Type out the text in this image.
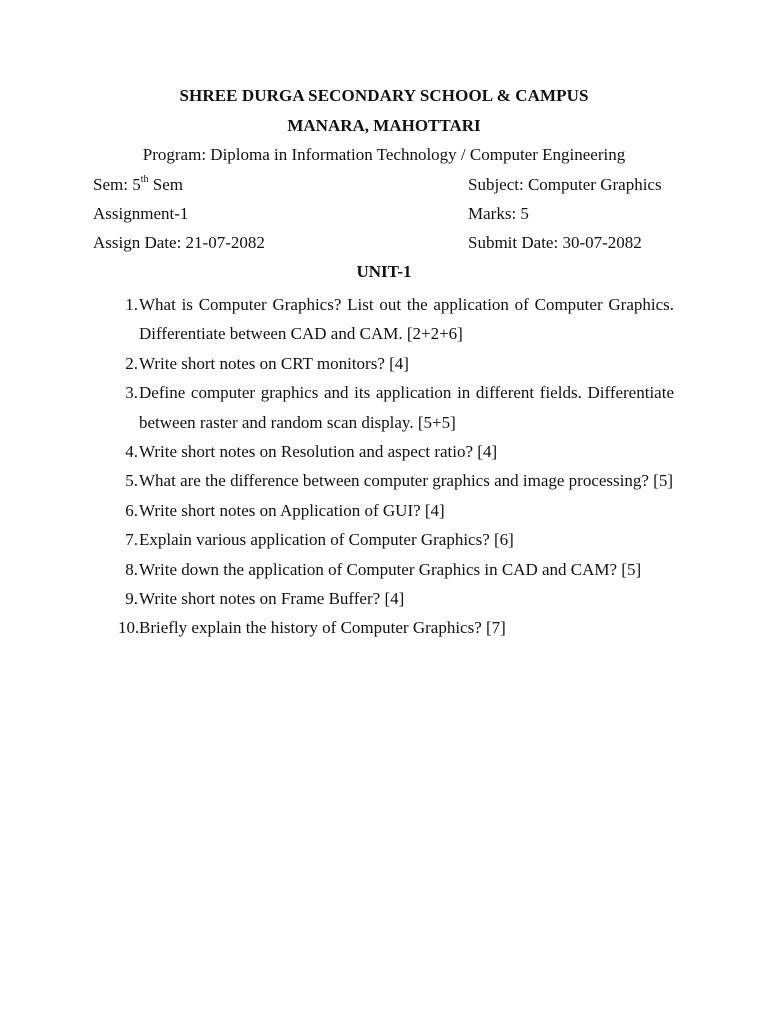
SHREE DURGA SECONDARY SCHOOL & CAMPUS
MANARA, MAHOTTARI
Program: Diploma in Information Technology / Computer Engineering
Sem: 5th Sem	Subject: Computer Graphics
Assignment-1	Marks: 5
Assign Date: 21-07-2082	Submit Date: 30-07-2082
UNIT-1
1. What is Computer Graphics? List out the application of Computer Graphics. Differentiate between CAD and CAM. [2+2+6]
2. Write short notes on CRT monitors? [4]
3. Define computer graphics and its application in different fields. Differentiate between raster and random scan display. [5+5]
4. Write short notes on Resolution and aspect ratio? [4]
5. What are the difference between computer graphics and image processing? [5]
6. Write short notes on Application of GUI? [4]
7. Explain various application of Computer Graphics? [6]
8. Write down the application of Computer Graphics in CAD and CAM? [5]
9. Write short notes on Frame Buffer? [4]
10. Briefly explain the history of Computer Graphics? [7]
